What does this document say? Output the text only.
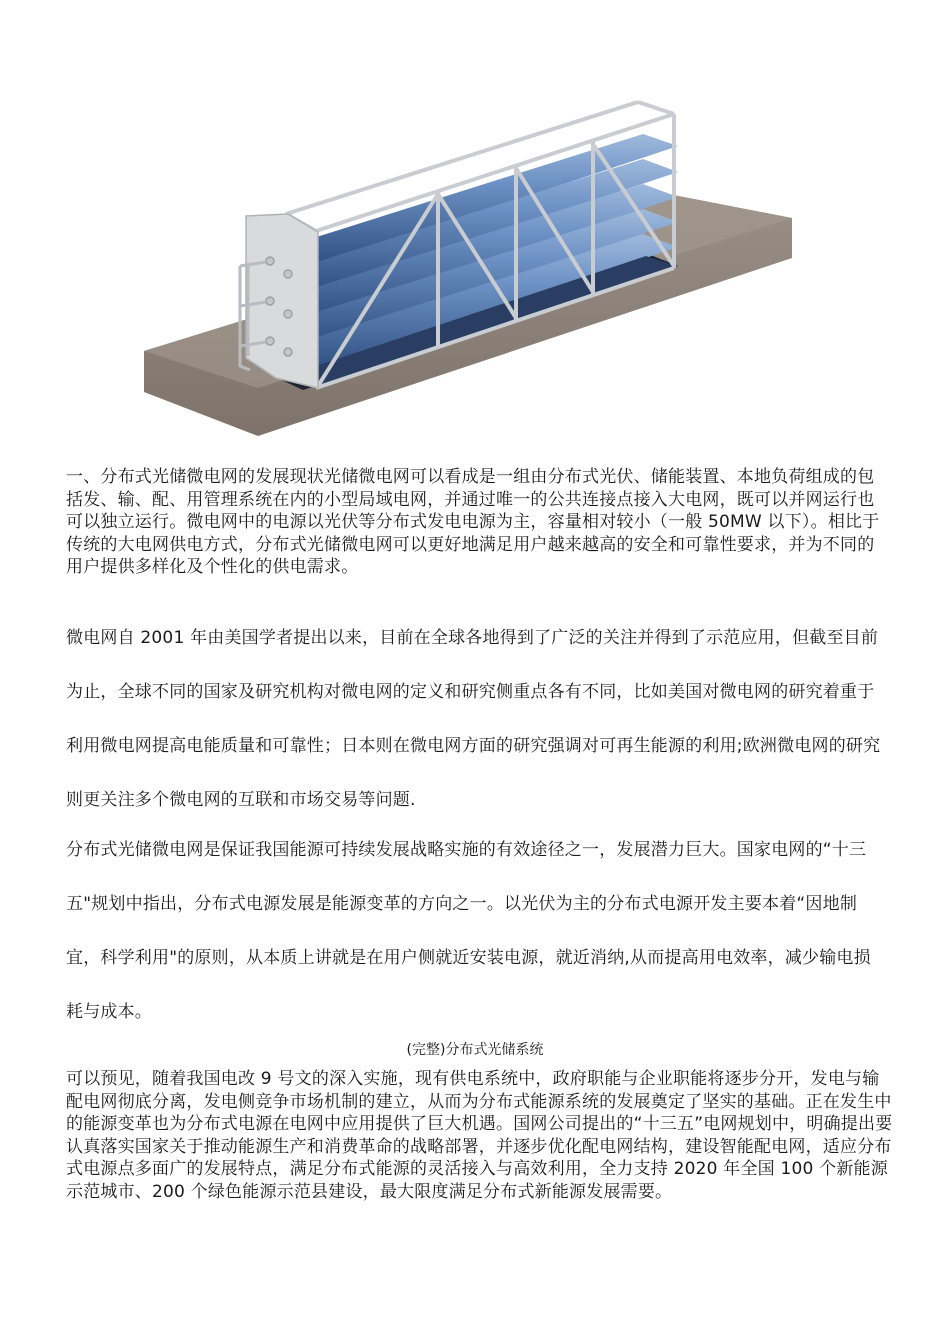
一、分布式光储微电网的发展现状光储微电网可以看成是一组由分布式光伏、储能装置、本地负荷组成的包括发、输、配、用管理系统在内的小型局域电网，并通过唯一的公共连接点接入大电网，既可以并网运行也可以独立运行。微电网中的电源以光伏等分布式发电电源为主，容量相对较小（一般 50MW 以下）。相比于传统的大电网供电方式，分布式光储微电网可以更好地满足用户越来越高的安全和可靠性要求，并为不同的用户提供多样化及个性化的供电需求。

微电网自 2001 年由美国学者提出以来，目前在全球各地得到了广泛的关注并得到了示范应用，但截至目前为止，全球不同的国家及研究机构对微电网的定义和研究侧重点各有不同，比如美国对微电网的研究着重于利用微电网提高电能质量和可靠性；日本则在微电网方面的研究强调对可再生能源的利用;欧洲微电网的研究则更关注多个微电网的互联和市场交易等问题.

分布式光储微电网是保证我国能源可持续发展战略实施的有效途径之一，发展潜力巨大。国家电网的“十三五"规划中指出，分布式电源发展是能源变革的方向之一。以光伏为主的分布式电源开发主要本着“因地制宜，科学利用"的原则，从本质上讲就是在用户侧就近安装电源，就近消纳,从而提高用电效率，减少输电损耗与成本。

(完整)分布式光储系统

可以预见，随着我国电改 9 号文的深入实施，现有供电系统中，政府职能与企业职能将逐步分开，发电与输配电网彻底分离，发电侧竞争市场机制的建立，从而为分布式能源系统的发展奠定了坚实的基础。正在发生中的能源变革也为分布式电源在电网中应用提供了巨大机遇。国网公司提出的“十三五”电网规划中，明确提出要认真落实国家关于推动能源生产和消费革命的战略部署，并逐步优化配电网结构，建设智能配电网，适应分布式电源点多面广的发展特点，满足分布式能源的灵活接入与高效利用，全力支持 2020 年全国 100 个新能源示范城市、200 个绿色能源示范县建设，最大限度满足分布式新能源发展需要。
